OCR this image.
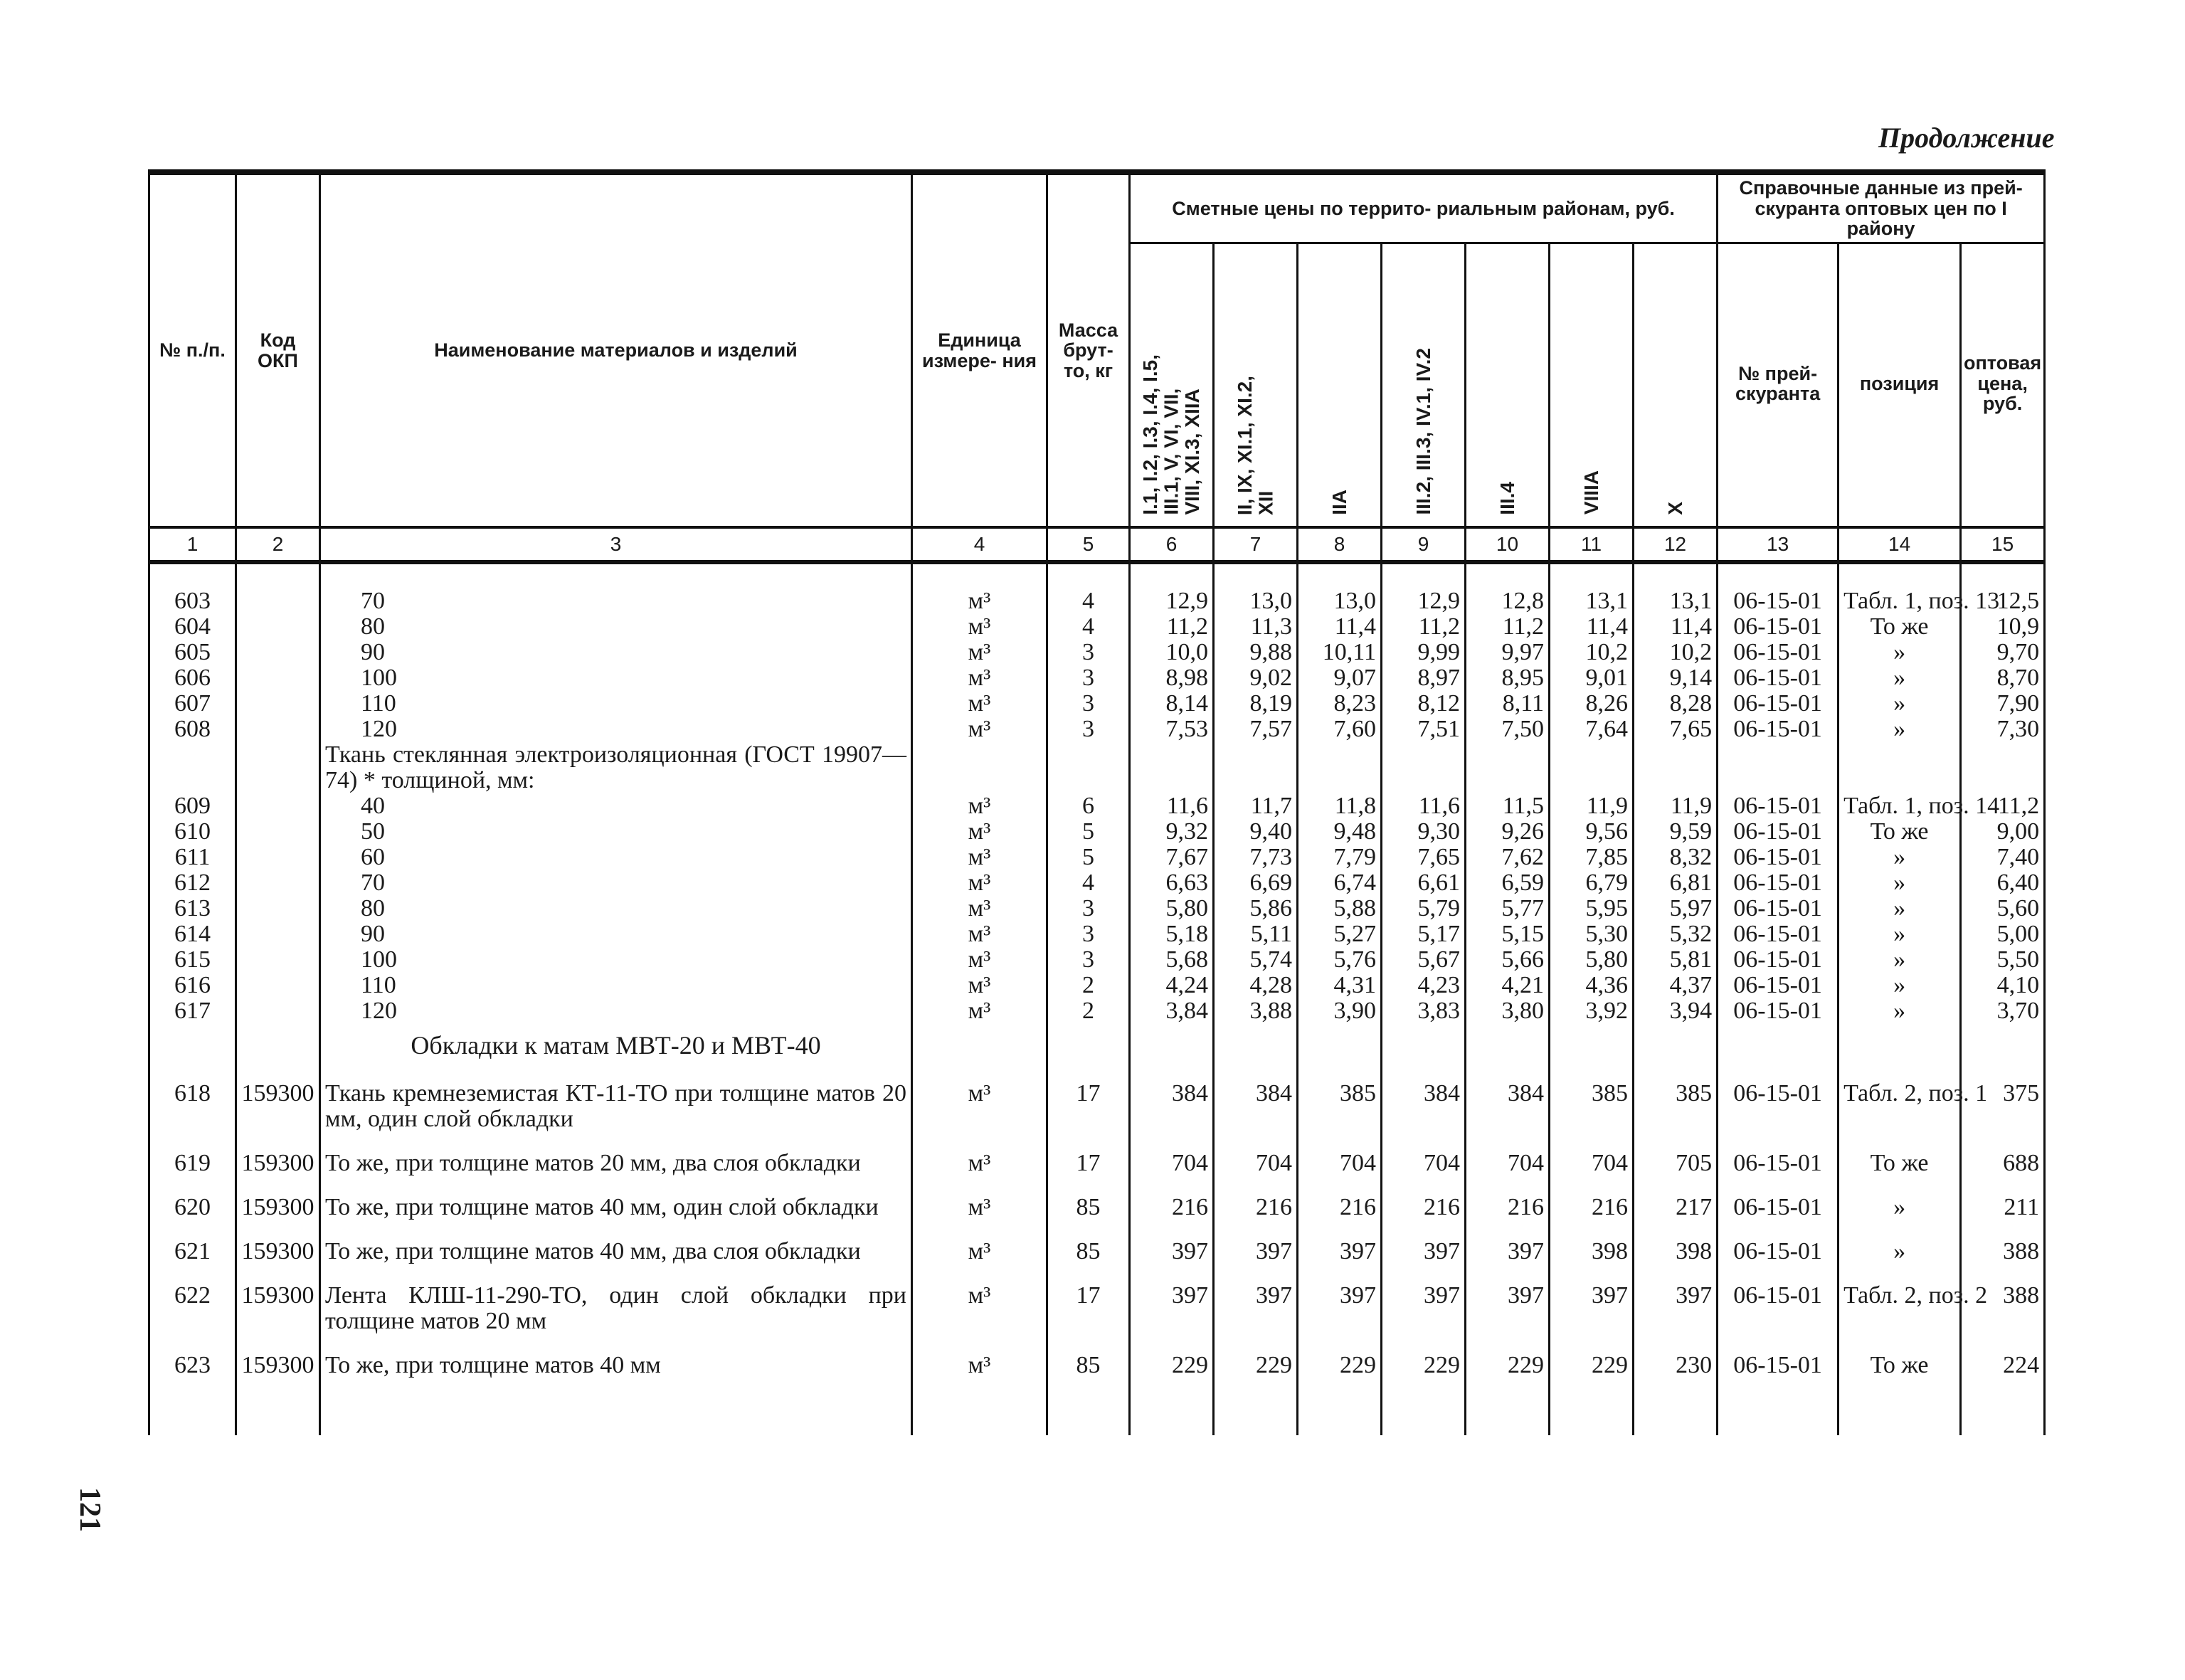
Продолжение
121
№ п./п.	Код ОКП	Наименование материалов и изделий	Единица измере- ния	Масса брут- то, кг	Сметные цены по террито- риальным районам, руб.							Справочные данные из прей- скуранта оптовых цен по I району		
					I.1, I.2, I.3, I.4, I.5,
III.1, V, VI, VII,
VIII, XI.3, XIIA	II, IX, XI.1, XI.2,
XII	IIA	III.2, III.3, IV.1, IV.2	III.4	VIIIA	X	№ прей- скуранта	позиция	оптовая цена, руб.
1	2	3	4	5	6	7	8	9	10	11	12	13	14	15
603		70	м³	4	12,9	13,0	13,0	12,9	12,8	13,1	13,1	06-15-01	Табл. 1, поз. 13	12,5
604		80	м³	4	11,2	11,3	11,4	11,2	11,2	11,4	11,4	06-15-01	То же	10,9
605		90	м³	3	10,0	9,88	10,11	9,99	9,97	10,2	10,2	06-15-01	»	9,70
606		100	м³	3	8,98	9,02	9,07	8,97	8,95	9,01	9,14	06-15-01	»	8,70
607		110	м³	3	8,14	8,19	8,23	8,12	8,11	8,26	8,28	06-15-01	»	7,90
608		120	м³	3	7,53	7,57	7,60	7,51	7,50	7,64	7,65	06-15-01	»	7,30
		Ткань стеклянная электроизоляционная (ГОСТ 19907—74) * толщиной, мм:												
609		40	м³	6	11,6	11,7	11,8	11,6	11,5	11,9	11,9	06-15-01	Табл. 1, поз. 14	11,2
610		50	м³	5	9,32	9,40	9,48	9,30	9,26	9,56	9,59	06-15-01	То же	9,00
611		60	м³	5	7,67	7,73	7,79	7,65	7,62	7,85	8,32	06-15-01	»	7,40
612		70	м³	4	6,63	6,69	6,74	6,61	6,59	6,79	6,81	06-15-01	»	6,40
613		80	м³	3	5,80	5,86	5,88	5,79	5,77	5,95	5,97	06-15-01	»	5,60
614		90	м³	3	5,18	5,11	5,27	5,17	5,15	5,30	5,32	06-15-01	»	5,00
615		100	м³	3	5,68	5,74	5,76	5,67	5,66	5,80	5,81	06-15-01	»	5,50
616		110	м³	2	4,24	4,28	4,31	4,23	4,21	4,36	4,37	06-15-01	»	4,10
617		120	м³	2	3,84	3,88	3,90	3,83	3,80	3,92	3,94	06-15-01	»	3,70
		Обкладки к матам МВТ-20 и МВТ-40												
618	159300	Ткань кремнеземистая КТ-11-ТО при толщине матов 20 мм, один слой обкладки	м³	17	384	384	385	384	384	385	385	06-15-01	Табл. 2, поз. 1	375
619	159300	То же, при толщине матов 20 мм, два слоя обкладки	м³	17	704	704	704	704	704	704	705	06-15-01	То же	688
620	159300	То же, при толщине матов 40 мм, один слой обкладки	м³	85	216	216	216	216	216	216	217	06-15-01	»	211
621	159300	То же, при толщине матов 40 мм, два слоя обкладки	м³	85	397	397	397	397	397	398	398	06-15-01	»	388
622	159300	Лента КЛШ-11-290-ТО, один слой обкладки при толщине матов 20 мм	м³	17	397	397	397	397	397	397	397	06-15-01	Табл. 2, поз. 2	388
623	159300	То же, при толщине матов 40 мм	м³	85	229	229	229	229	229	229	230	06-15-01	То же	224
